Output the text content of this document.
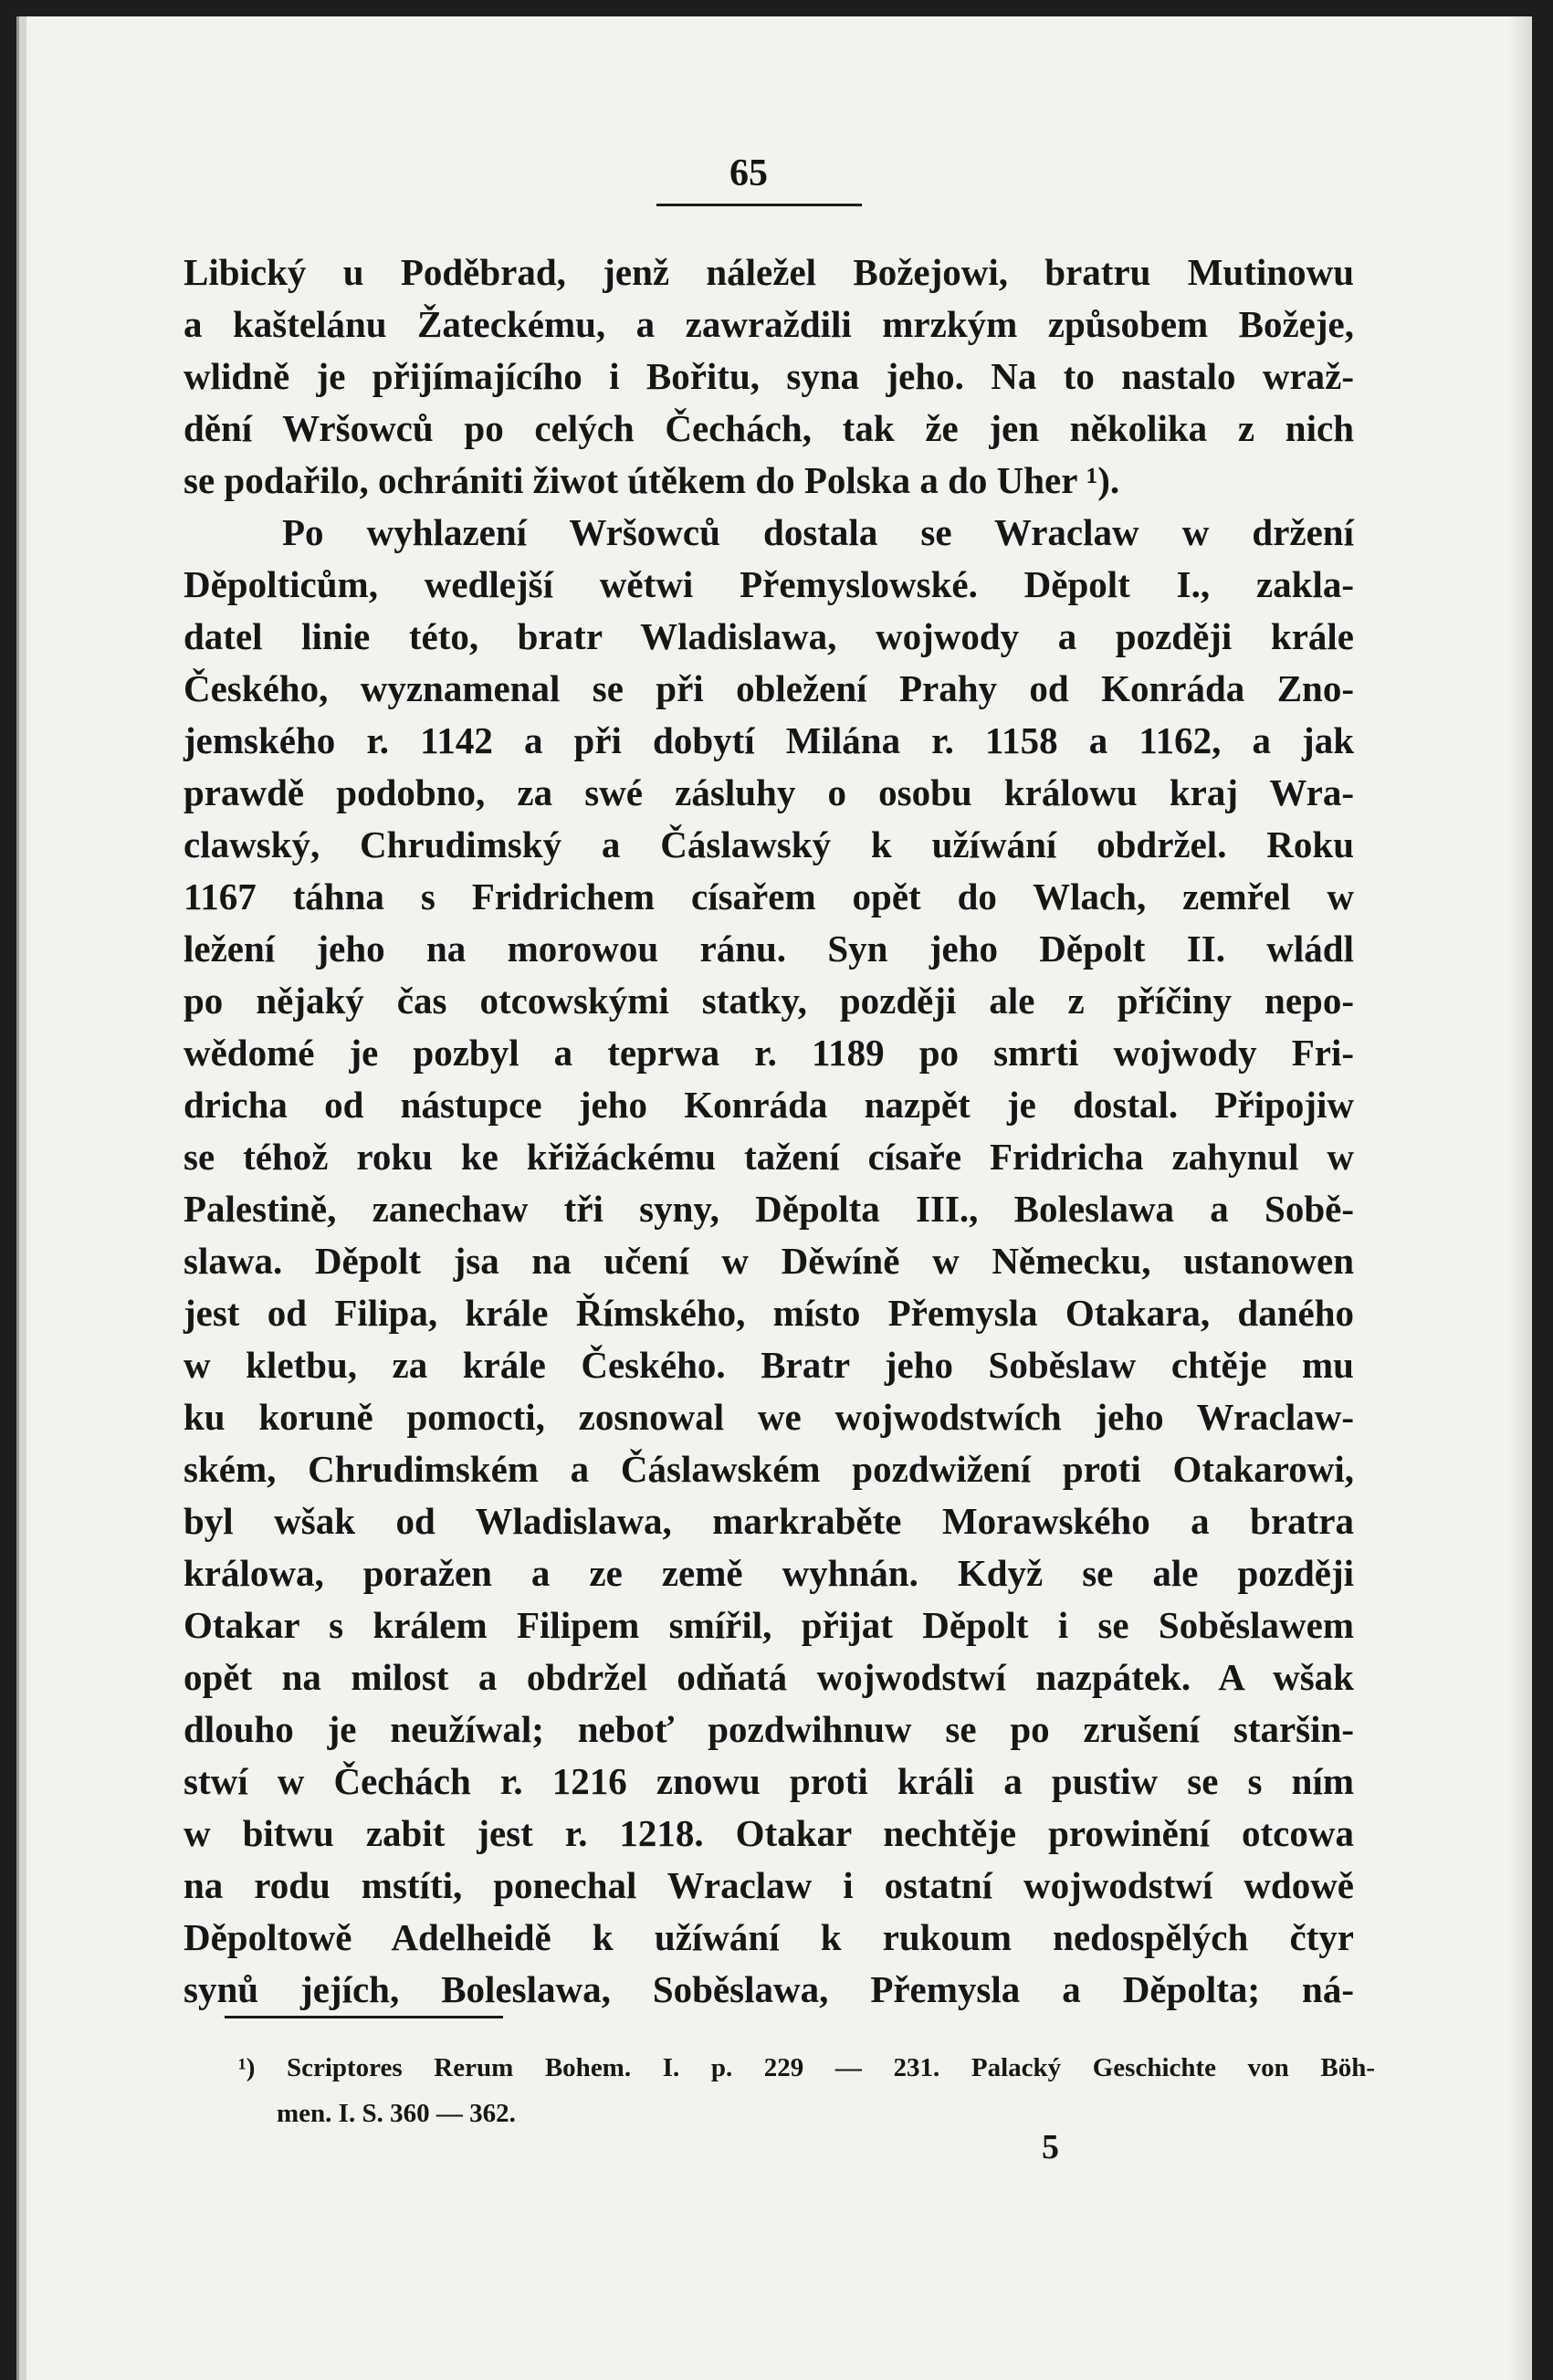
65
Libický u Poděbrad, jenž náležel Božejowi, bratru Mutinowu
a kaštelánu Žateckému, a zawraždili mrzkým způsobem Božeje,
wlidně je přijímajícího i Bořitu, syna jeho. Na to nastalo wraž-
dění Wršowců po celých Čechách, tak že jen několika z nich
se podařilo, ochrániti žiwot útěkem do Polska a do Uher ¹).
Po wyhlazení Wršowců dostala se Wraclaw w držení
Děpolticům, wedlejší wětwi Přemyslowské. Děpolt I., zakla-
datel linie této, bratr Wladislawa, wojwody a později krále
Českého, wyznamenal se při obležení Prahy od Konráda Zno-
jemského r. 1142 a při dobytí Milána r. 1158 a 1162, a jak
prawdě podobno, za swé zásluhy o osobu králowu kraj Wra-
clawský, Chrudimský a Čáslawský k užíwání obdržel. Roku
1167 táhna s Fridrichem císařem opět do Wlach, zemřel w
ležení jeho na morowou ránu. Syn jeho Děpolt II. wládl
po nějaký čas otcowskými statky, později ale z příčiny nepo-
wědomé je pozbyl a teprwa r. 1189 po smrti wojwody Fri-
dricha od nástupce jeho Konráda nazpět je dostal. Připojiw
se téhož roku ke křižáckému tažení císaře Fridricha zahynul w
Palestině, zanechaw tři syny, Děpolta III., Boleslawa a Sobě-
slawa. Děpolt jsa na učení w Děwíně w Německu, ustanowen
jest od Filipa, krále Římského, místo Přemysla Otakara, daného
w kletbu, za krále Českého. Bratr jeho Soběslaw chtěje mu
ku koruně pomocti, zosnowal we wojwodstwích jeho Wraclaw-
ském, Chrudimském a Čáslawském pozdwižení proti Otakarowi,
byl wšak od Wladislawa, markraběte Morawského a bratra
králowa, poražen a ze země wyhnán. Když se ale později
Otakar s králem Filipem smířil, přijat Děpolt i se Soběslawem
opět na milost a obdržel odňatá wojwodstwí nazpátek. A wšak
dlouho je neužíwal; neboť pozdwihnuw se po zrušení staršin-
stwí w Čechách r. 1216 znowu proti králi a pustiw se s ním
w bitwu zabit jest r. 1218. Otakar nechtěje prowinění otcowa
na rodu mstíti, ponechal Wraclaw i ostatní wojwodstwí wdowě
Děpoltowě Adelheidě k užíwání k rukoum nedospělých čtyr
synů jejích, Boleslawa, Soběslawa, Přemysla a Děpolta; ná-
¹) Scriptores Rerum Bohem. I. p. 229 — 231. Palacký Geschichte von Böh-
men. I. S. 360 — 362.
5
